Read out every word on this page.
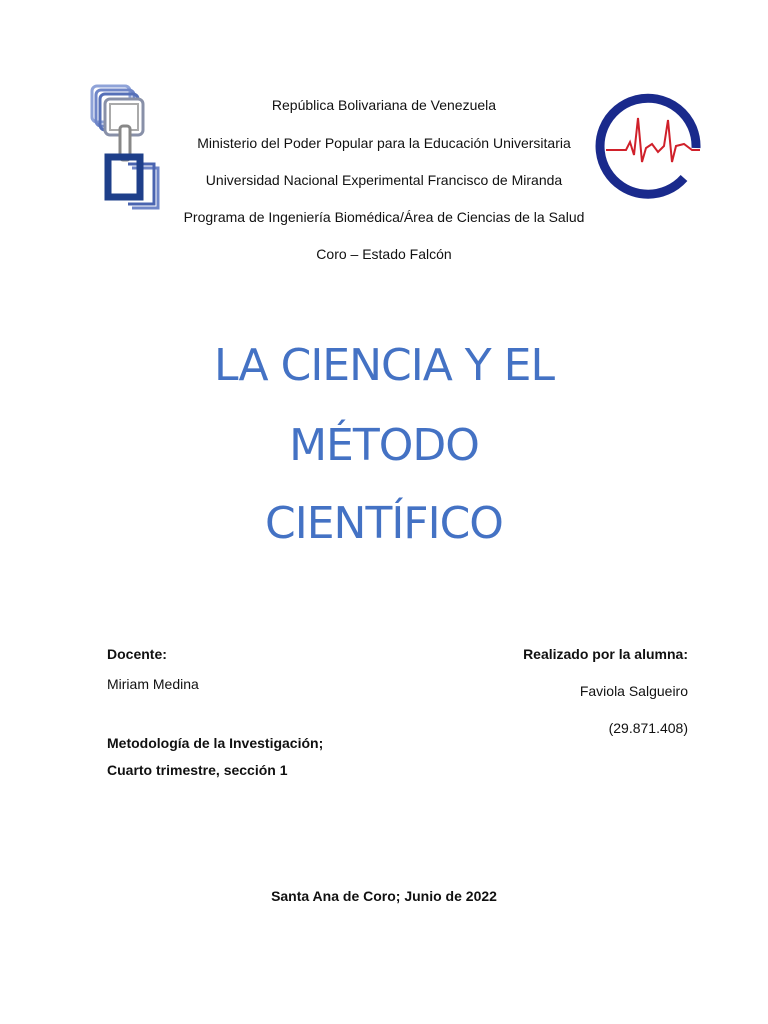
República Bolivariana de Venezuela
Ministerio del Poder Popular para la Educación Universitaria
Universidad Nacional Experimental Francisco de Miranda
Programa de Ingeniería Biomédica/Área de Ciencias de la Salud
Coro – Estado Falcón
LA CIENCIA Y EL
MÉTODO
CIENTÍFICO
Docente:
Miriam Medina
Metodología de la Investigación;
Cuarto trimestre, sección 1
Realizado por la alumna:
Faviola Salgueiro
(29.871.408)
Santa Ana de Coro; Junio de 2022
